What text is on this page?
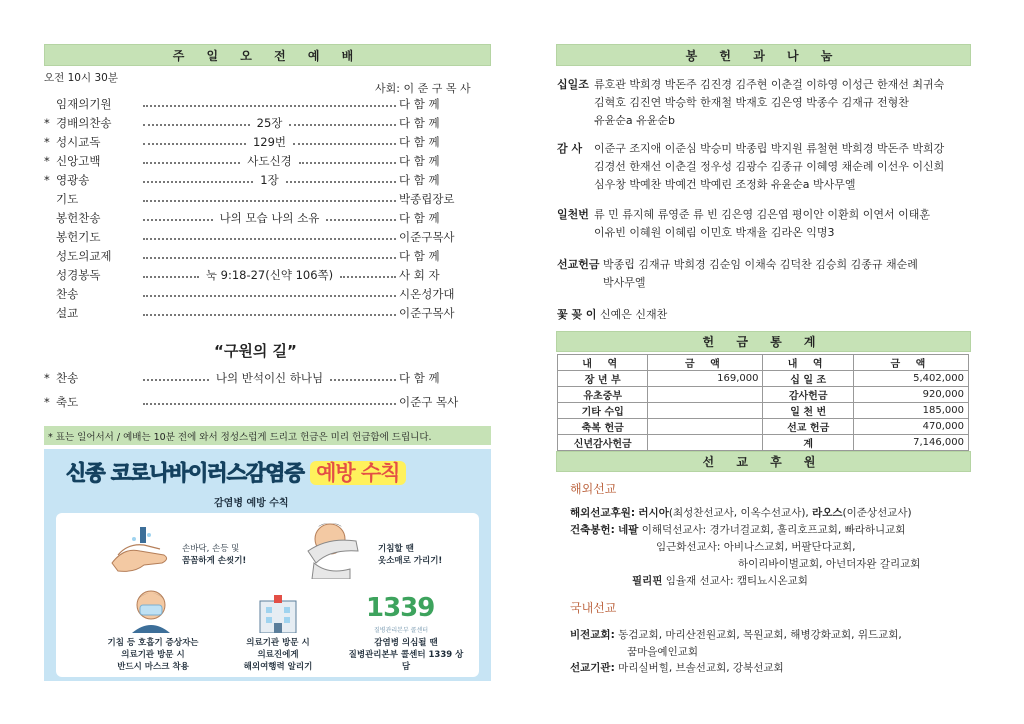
주 일 오 전 예 배
오전 10시 30분
사회: 이 준 구 목 사
임재의기원	다 함 께
* 경배의찬송	25장	다 함 께
* 성시교독	129번	다 함 께
* 신앙고백	사도신경	다 함 께
* 영광송	1장	다 함 께
기도	박종립장로
봉헌찬송	나의 모습 나의 소유	다 함 께
봉헌기도	이준구목사
성도의교제	다 함 께
성경봉독	눅 9:18-27(신약 106쪽)	사 회 자
찬송	시온성가대
설교	이준구목사
“구원의 길”
* 찬송	나의 반석이신 하나님	다 함 께
* 축도	이준구 목사
* 표는 일어서서 / 예배는 10분 전에 와서 정성스럽게 드리고 헌금은 미리 헌금함에 드립니다.
신종 코로나바이러스감염증 예방 수칙
감염병 예방 수칙
손바닥, 손등 및
꼼꼼하게 손씻기!
기침할 땐
옷소매로 가리기!
기침 등 호흡기 증상자는
의료기관 방문 시
반드시 마스크 착용
의료기관 방문 시
의료진에게
해외여행력 알리기
1339
질병관리본부 콜센터
감염병 의심될 땐
질병관리본부 콜센터 1339 상담
봉 헌 과 나 눔
십일조 류호관 박희경 박돈주 김진경 김주현 이춘걸 이하영 이성근 한재선 최귀숙
김혁호 김진연 박승학 한재철 박재호 김은영 박종수 김재규 전형찬
유윤순a 유윤순b
감 사 이준구 조지애 이준심 박승미 박종립 박지원 류철현 박희경 박돈주 박희강
김경선 한재선 이춘걸 정우성 김광수 김종규 이혜영 채순례 이선우 이신희
심우창 박예찬 박예건 박예린 조정화 유윤순a 박사무엘
일천번 류 민 류지혜 류영준 류 빈 김은영 김은엽 평이안 이환희 이연서 이태훈
이유빈 이혜원 이혜림 이민호 박재율 김라온 익명3
선교헌금 박종립 김재규 박희경 김순임 이채숙 김덕찬 김승희 김종규 채순례
박사무엘
꽃 꽂 이 신예은 신재찬
헌 금 통 계
내 역	금 액	내 역	금 액
장 년 부	169,000	십 일 조	5,402,000
유초중부		감사헌금	920,000
기타 수입		일 천 번	185,000
축복 헌금		선교 헌금	470,000
신년감사헌금		계	7,146,000
선 교 후 원
해외선교
해외선교후원: 러시아(최성찬선교사, 이옥수선교사), 라오스(이준상선교사)
건축봉헌: 네팔 이해덕선교사: 경가너걸교회, 훌리호프교회, 빠라하니교회
임근화선교사: 아비나스교회, 버팔단다교회,
하이리바이벌교회, 아넌더자완 갈리교회
필리핀 임율재 선교사: 캠티뇨시온교회
국내선교
비전교회: 동검교회, 마리산전원교회, 목원교회, 해병강화교회, 위드교회,
꿈마을예인교회
선교기관: 마리실버힐, 브솔선교회, 강북선교회
